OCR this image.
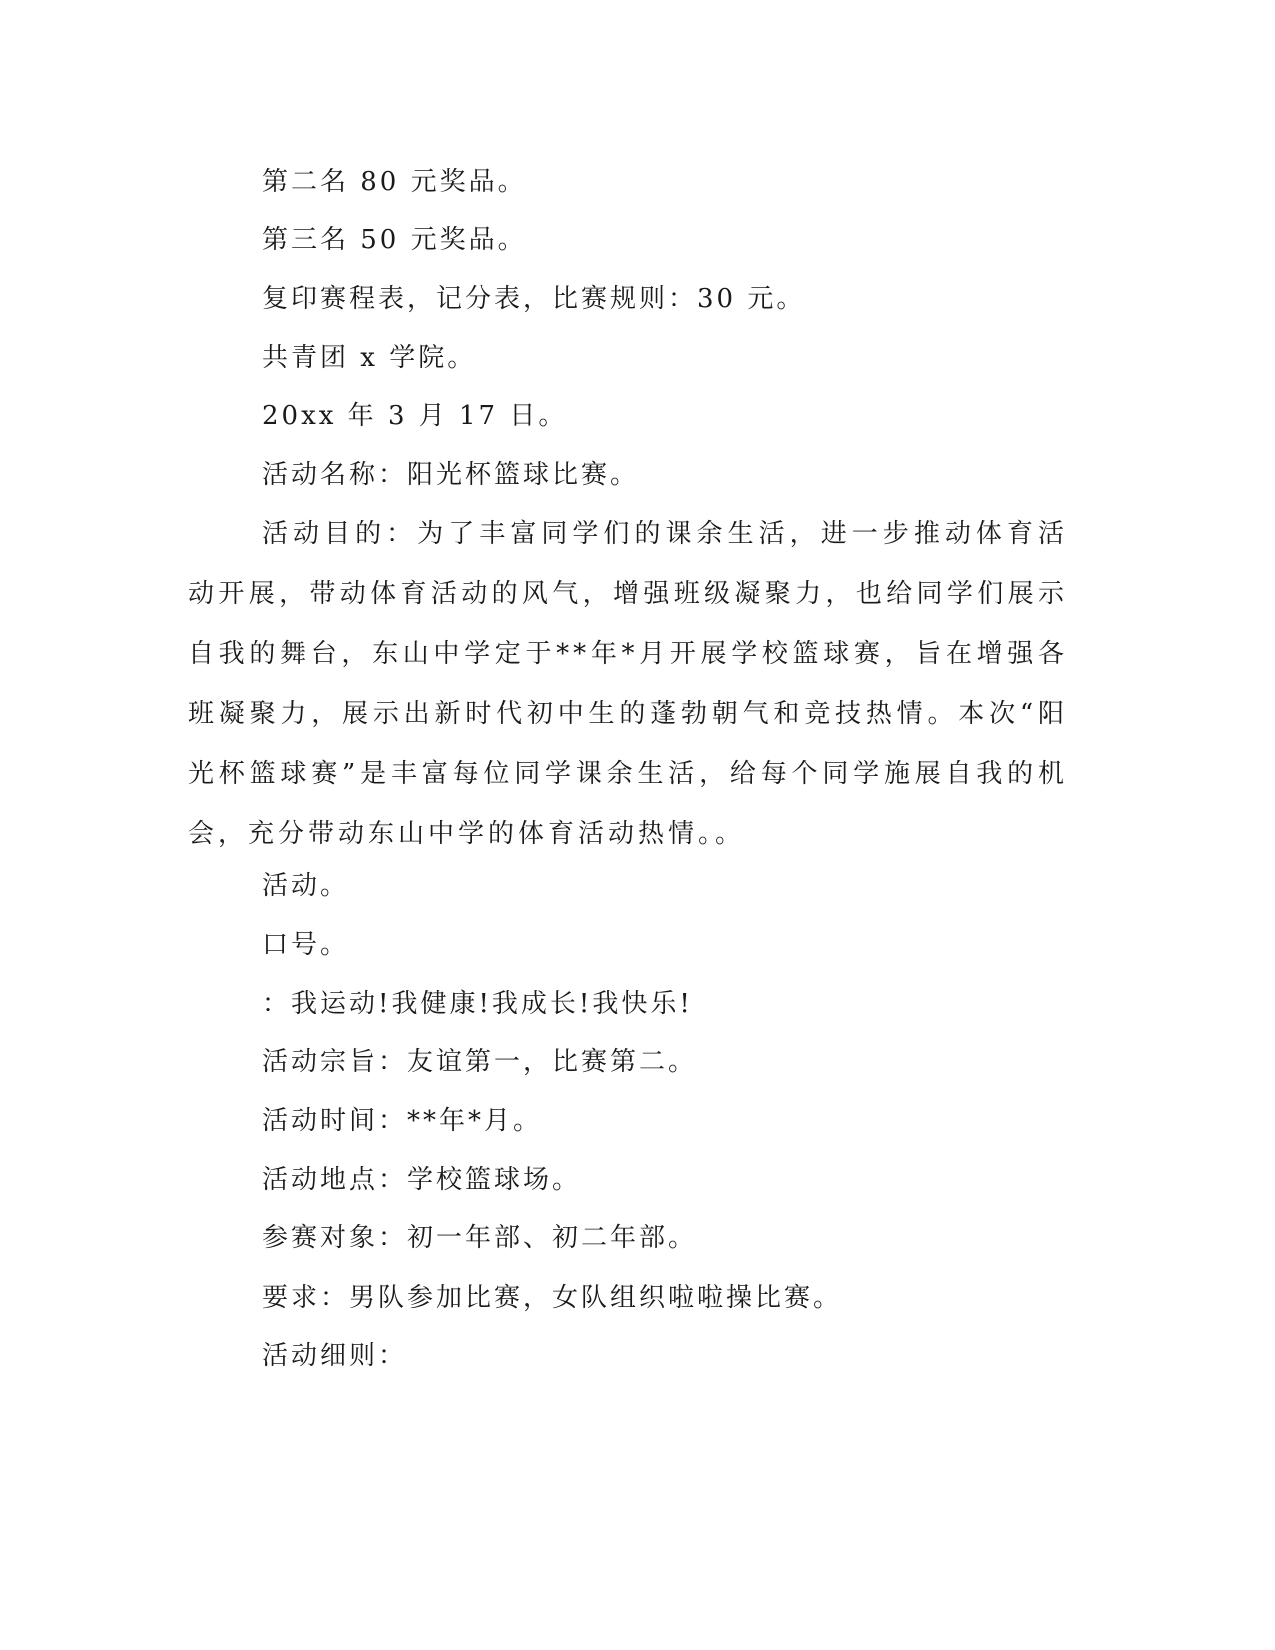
第二名 80 元奖品。
第三名 50 元奖品。
复印赛程表，记分表，比赛规则：30 元。
共青团 x 学院。
20xx 年 3 月 17 日。
活动名称：阳光杯篮球比赛。
活动目的：为了丰富同学们的课余生活，进一步推动体育活动开展，带动体育活动的风气，增强班级凝聚力，也给同学们展示自我的舞台，东山中学定于**年*月开展学校篮球赛，旨在增强各班凝聚力，展示出新时代初中生的蓬勃朝气和竞技热情。本次“阳光杯篮球赛”是丰富每位同学课余生活，给每个同学施展自我的机会，充分带动东山中学的体育活动热情。。
活动。
口号。
：我运动!我健康!我成长!我快乐!
活动宗旨：友谊第一，比赛第二。
活动时间：**年*月。
活动地点：学校篮球场。
参赛对象：初一年部、初二年部。
要求：男队参加比赛，女队组织啦啦操比赛。
活动细则：
